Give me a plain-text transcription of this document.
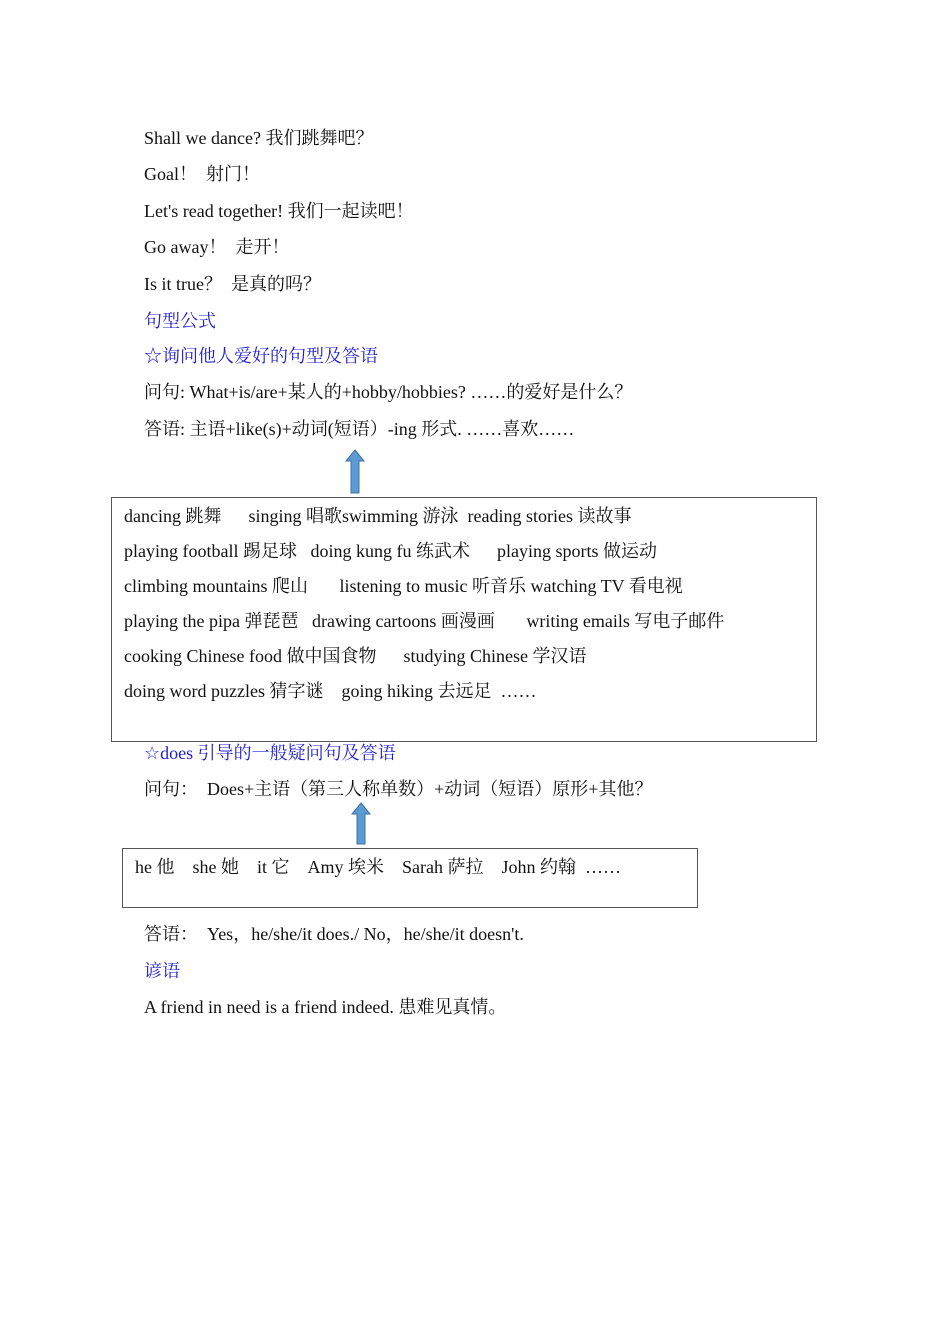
Shall we dance? 我们跳舞吧？
Goal！  射门！
Let's read together! 我们一起读吧！
Go away！  走开！
Is it true？  是真的吗？
句型公式
☆询问他人爱好的句型及答语
问句: What+is/are+某人的+hobby/hobbies? ……的爱好是什么？
答语: 主语+like(s)+动词(短语）-ing 形式. ……喜欢……
dancing 跳舞      singing 唱歌swimming 游泳  reading stories 读故事
playing football 踢足球   doing kung fu 练武术      playing sports 做运动
climbing mountains 爬山       listening to music 听音乐 watching TV 看电视
playing the pipa 弹琵琶   drawing cartoons 画漫画       writing emails 写电子邮件
cooking Chinese food 做中国食物      studying Chinese 学汉语
doing word puzzles 猜字谜    going hiking 去远足  ……
☆does 引导的一般疑问句及答语
问句：  Does+主语（第三人称单数）+动词（短语）原形+其他？
he 他    she 她    it 它    Amy 埃米    Sarah 萨拉    John 约翰  ……
答语：  Yes，he/she/it does./ No，he/she/it doesn't.
谚语
A friend in need is a friend indeed. 患难见真情。
